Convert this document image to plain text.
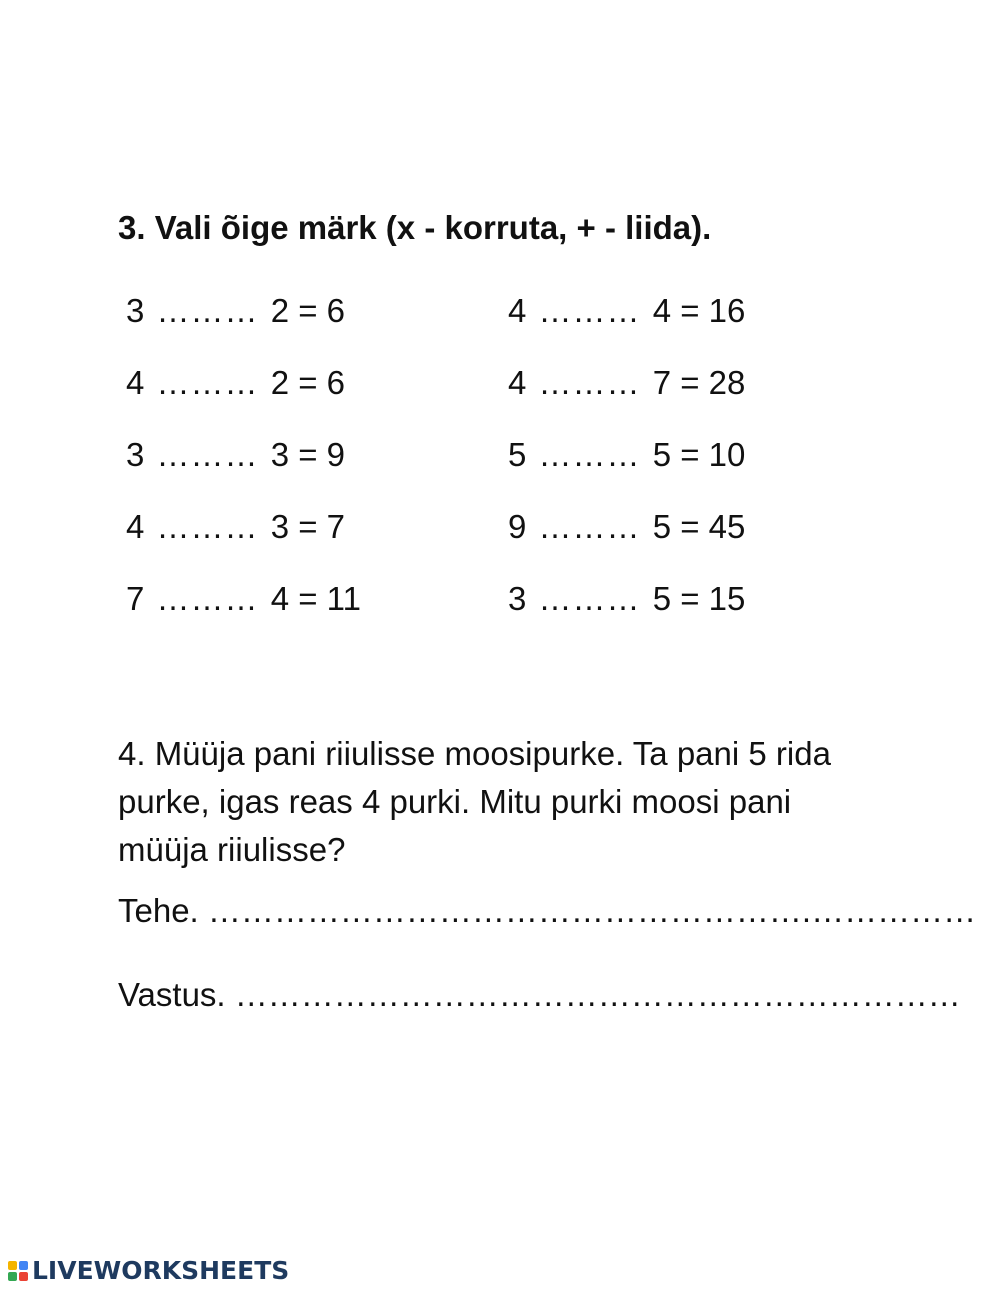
3. Vali õige märk (x - korruta, + - liida).
3
………
2 = 6
4
………
2 = 6
3
………
3 = 9
4
………
3 = 7
7
………
4 = 11
4
………
4 = 16
4
………
7 = 28
5
………
5 = 10
9
………
5 = 45
3
………
5 = 15
4. Müüja pani riiulisse moosipurke. Ta pani 5 rida purke, igas reas 4 purki. Mitu purki moosi pani müüja riiulisse?
Tehe. ……………………………………………….……………
Vastus. …………………………………………………………
LIVEWORKSHEETS
